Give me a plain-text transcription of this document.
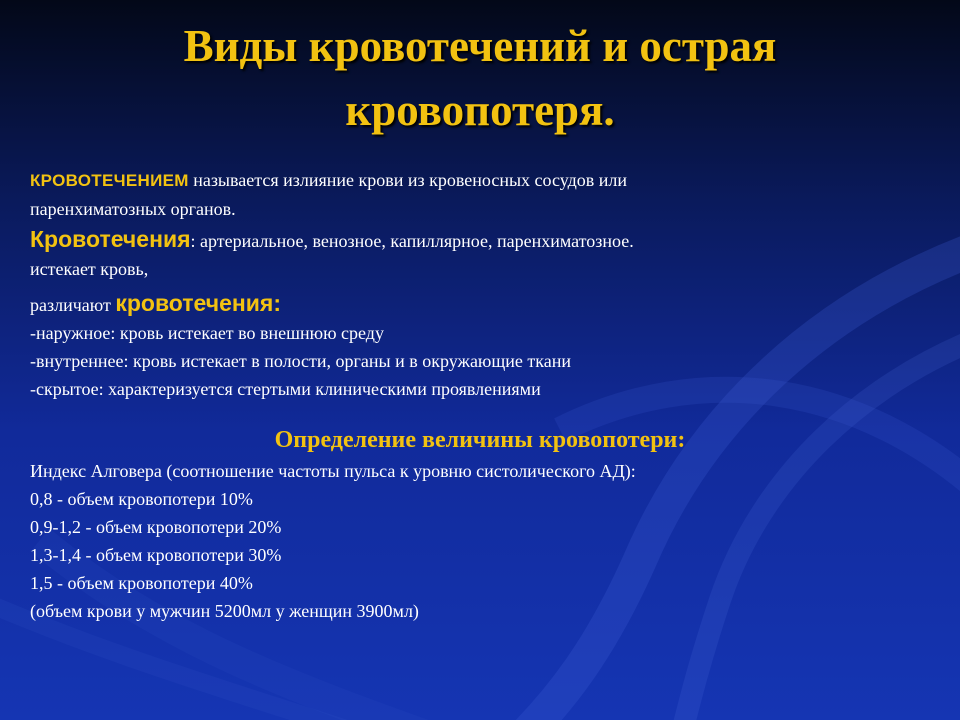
Виды кровотечений и острая
кровопотеря.
КРОВОТЕЧЕНИЕМ называется излияние крови из кровеносных сосудов или
паренхиматозных органов.
Кровотечения: артериальное, венозное, капиллярное, паренхиматозное.
истекает кровь,
различают кровотечения:
-наружное: кровь истекает во внешнюю среду
-внутреннее: кровь истекает в полости, органы и в окружающие ткани
-скрытое: характеризуется стертыми клиническими проявлениями
Определение величины кровопотери:
Индекс Алговера (соотношение частоты пульса к уровню систолического АД):
0,8 - объем кровопотери 10%
0,9-1,2 - объем кровопотери 20%
1,3-1,4 - объем кровопотери 30%
1,5 - объем кровопотери 40%
(объем крови у мужчин 5200мл у женщин 3900мл)
